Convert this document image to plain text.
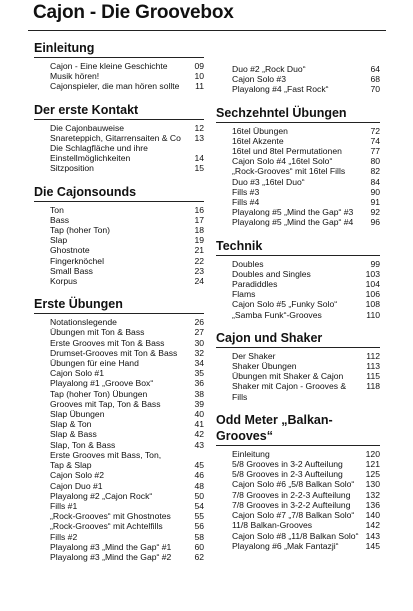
Cajon - Die Groovebox
Einleitung
Cajon - Eine kleine Geschichte	09
Musik hören!	10
Cajonspieler, die man hören sollte 11
Der erste Kontakt
Die Cajonbauweise	12
Snareteppich, Gitarrensaiten & Co 13
Die Schlagfläche und ihre
Einstellmöglichkeiten	14
Sitzposition	15
Die Cajonsounds
Ton	16
Bass	17
Tap (hoher Ton)	18
Slap	19
Ghostnote	21
Fingerknöchel	22
Small Bass	23
Korpus	24
Erste Übungen
Notationslegende	26
Übungen mit Ton & Bass	27
Erste Grooves mit Ton & Bass	30
Drumset-Grooves mit Ton & Bass 32
Übungen für eine Hand	34
Cajon Solo #1	35
Playalong #1 „Groove Box“	36
Tap (hoher Ton) Übungen	38
Grooves mit Tap, Ton & Bass	39
Slap Übungen	40
Slap & Ton	41
Slap & Bass	42
Slap, Ton & Bass	43
Erste Grooves mit Bass, Ton,
Tap & Slap	45
Cajon Solo #2	46
Cajon Duo #1	48
Playalong #2 „Cajon Rock“	50
Fills #1	54
„Rock-Grooves“ mit Ghostnotes	55
„Rock-Grooves“ mit Achtelfills	56
Fills #2	58
Playalong #3 „Mind the Gap“ #1	60
Playalong #3 „Mind the Gap“ #2	62
Duo #2 „Rock Duo“	64
Cajon Solo #3	68
Playalong #4 „Fast Rock“	70
Sechzehntel Übungen
16tel Übungen	72
16tel Akzente	74
16tel und 8tel Permutationen	77
Cajon Solo #4 „16tel Solo“	80
„Rock-Grooves“ mit 16tel Fills	82
Duo #3 „16tel Duo“	84
Fills #3	90
Fills #4	91
Playalong #5 „Mind the Gap“ #3 92
Playalong #5 „Mind the Gap“ #4 96
Technik
Doubles	99
Doubles and Singles	103
Paradiddles	104
Flams	106
Cajon Solo #5 „Funky Solo“	108
„Samba Funk“-Grooves	110
Cajon und Shaker
Der Shaker	112
Shaker Übungen	113
Übungen mit Shaker & Cajon	115
Shaker mit Cajon - Grooves & Fills
118
Odd Meter „Balkan-Grooves“
Einleitung	120
5/8 Grooves in 3-2 Aufteilung	121
5/8 Grooves in 2-3 Aufteilung	125
Cajon Solo #6 „5/8 Balkan Solo“ 130
7/8 Grooves in 2-2-3 Aufteilung 132
7/8 Grooves in 3-2-2 Aufteilung 136
Cajon Solo #7 „7/8 Balkan Solo“ 140
11/8 Balkan-Grooves	142
Cajon Solo #8 „11/8 Balkan Solo“ 143
Playalong #6 „Mak Fantazji“	145
